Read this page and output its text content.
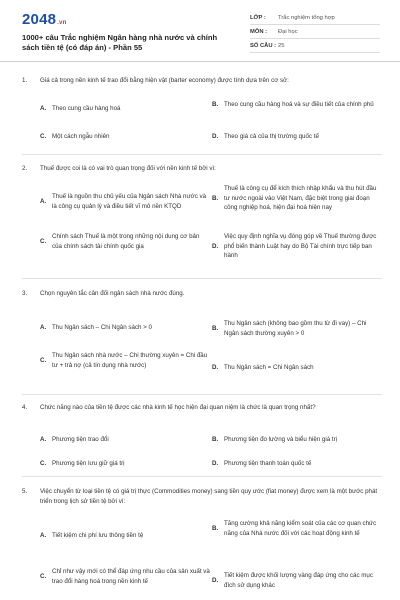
2048.vn
1000+ câu Trắc nghiệm Ngân hàng nhà nước và chính sách tiền tệ (có đáp án) - Phần 55
LỚP :	Trắc nghiệm tổng hợp
MÔN :	Đại học
SỐ CÂU : 25
1.	Giá cả trong nền kinh tế trao đổi bằng hiện vật (barter economy) được tính dựa trên cơ sở:
A. Theo cung cầu hàng hoá
B. Theo cung cầu hàng hoá và sự điều tiết của chính phủ
C. Một cách ngẫu nhiên	D. Theo giá cả của thị trường quốc tế
2.	Thuế được coi là có vai trò quan trọng đối với nền kinh tế bởi vì:
A.
Thuế là nguồn thu chủ yếu của Ngân sách Nhà nước và là công cụ quản lý và điều tiết vĩ mô nền KTQD
B.
Thuế là công cụ để kích thích nhập khẩu và thu hút đầu tư nước ngoài vào Việt Nam, đặc biệt trong giai đoạn công nghiệp hoá, hiện đại hoá hiện nay
C.
Chính sách Thuế là một trong những nội dung cơ bản của chính sách tài chính quốc gia	D.
Việc quy định nghĩa vụ đóng góp về Thuế thường được phổ biến thành Luật hay do Bộ Tài chính trực tiếp ban hành
3.	Chọn nguyên tắc cân đối ngân sách nhà nước đúng.
A. Thu Ngân sách – Chi Ngân sách > 0	B.
Thu Ngân sách (không bao gồm thu từ đi vay) – Chi Ngân sách thường xuyên > 0
C.
Thu Ngân sách nhà nước – Chi thường xuyên = Chi đầu tư + trả nợ (cả tín dụng nhà nước)	D. Thu Ngân sách = Chi Ngân sách
4.	Chức năng nào của tiền tệ được các nhà kinh tế học hiện đại quan niệm là chức là quan trọng nhất?
A. Phương tiện trao đổi	B. Phương tiện đo lường và biểu hiện giá trị
C. Phương tiện lưu giữ giá trị	D. Phương tiện thanh toán quốc tế
5.	Việc chuyển từ loại tiền tệ có giá trị thực (Commodities money) sang tiền quy ước (fiat money) được xem là một bước phát triển trong lịch sử tiền tệ bởi vì:
A. Tiết kiệm chi phí lưu thông tiền tệ
B.
Tăng cường khả năng kiểm soát của các cơ quan chức năng của Nhà nước đối với các hoạt động kinh tế
C.
Chỉ như vậy mới có thể đáp ứng nhu cầu của sản xuất và trao đổi hàng hoá trong nền kinh tế	D.
Tiết kiệm được khối lượng vàng đáp ứng cho các mục đích sử dụng khác
